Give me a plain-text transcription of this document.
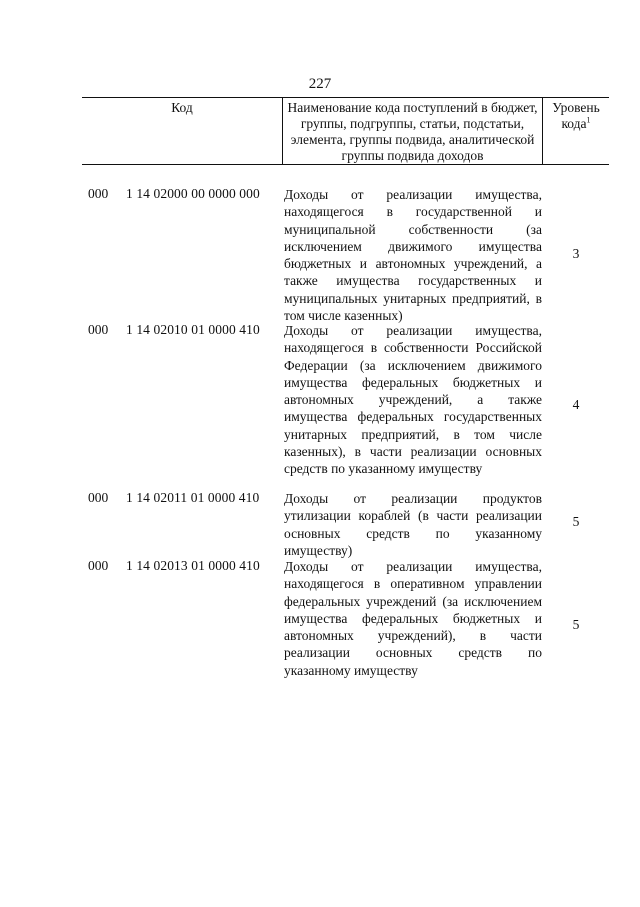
227
Код	Наименование кода поступлений в бюджет, группы, подгруппы, статьи, подстатьи, элемента, группы подвида, аналитической группы подвида доходов
Уровень кода$^1$
000 1 14 02000 00 0000 000 Доходы от реализации имущества, находящегося в государственной и муниципальной собственности (за исключением движимого имущества бюджетных и автономных учреждений, а также имущества государственных и муниципальных унитарных предприятий, в том числе казенных)
3
000 1 14 02010 01 0000 410 Доходы от реализации имущества, находящегося в собственности Российской Федерации (за исключением движимого имущества федеральных бюджетных и автономных учреждений, а также имущества федеральных государственных унитарных предприятий, в том числе казенных), в части реализации основных средств по указанному имуществу
4
000 1 14 02011 01 0000 410 Доходы от реализации продуктов утилизации кораблей (в части реализации основных средств по указанному имуществу)
5
000 1 14 02013 01 0000 410 Доходы от реализации имущества, находящегося в оперативном управлении федеральных учреждений (за исключением имущества федеральных бюджетных и автономных учреждений), в части реализации основных средств по указанному имуществу
5
